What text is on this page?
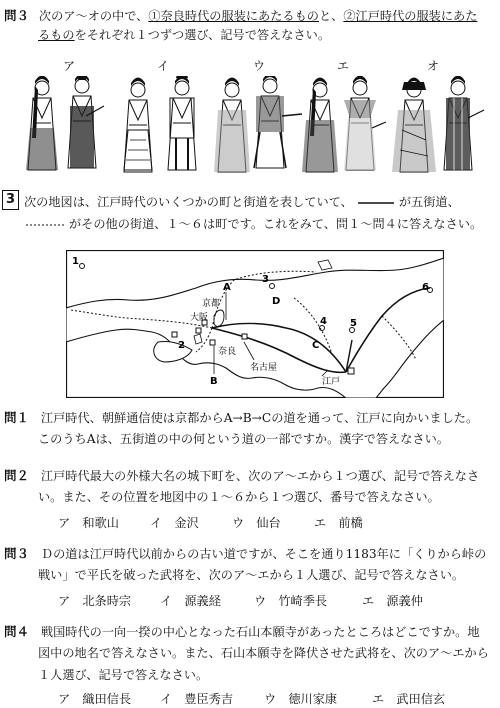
問３ 次のア～オの中で、①奈良時代の服装にあたるものと、②江戸時代の服装にあた
るものをそれぞれ１つずつ選び、記号で答えなさい。
ア	イ	ウ	エ	オ
3 次の地図は、江戸時代のいくつかの町と街道を表していて、	が五街道、
がその他の街道、１～６は町です。これをみて、問１～問４に答えなさい。
1
2
3
4 5
6
A
B
C
D
京都
大阪
奈良
名古屋
江戸
問１ 江戸時代、朝鮮通信使は京都からA→B→Cの道を通って、江戸に向かいました。
このうちAは、五街道の中の何という道の一部ですか。漢字で答えなさい。
問２ 江戸時代最大の外様大名の城下町を、次のア～エから１つ選び、記号で答えなさ
い。また、その位置を地図中の１～６から１つ選び、番号で答えなさい。
ア　和歌山	イ　金沢	ウ　仙台	エ　前橋
問３ Ｄの道は江戸時代以前からの古い道ですが、そこを通り1183年に「くりから峠の
戦い」で平氏を破った武将を、次のア～エから１人選び、記号で答えなさい。
ア　北条時宗 イ　源義経	ウ　竹崎季長	エ　源義仲
問４ 戦国時代の一向一揆の中心となった石山本願寺があったところはどこですか。地
図中の地名で答えなさい。また、石山本願寺を降伏させた武将を、次のア～エから
１人選び、記号で答えなさい。
ア　織田信長 イ　豊臣秀吉	ウ　徳川家康	エ　武田信玄
